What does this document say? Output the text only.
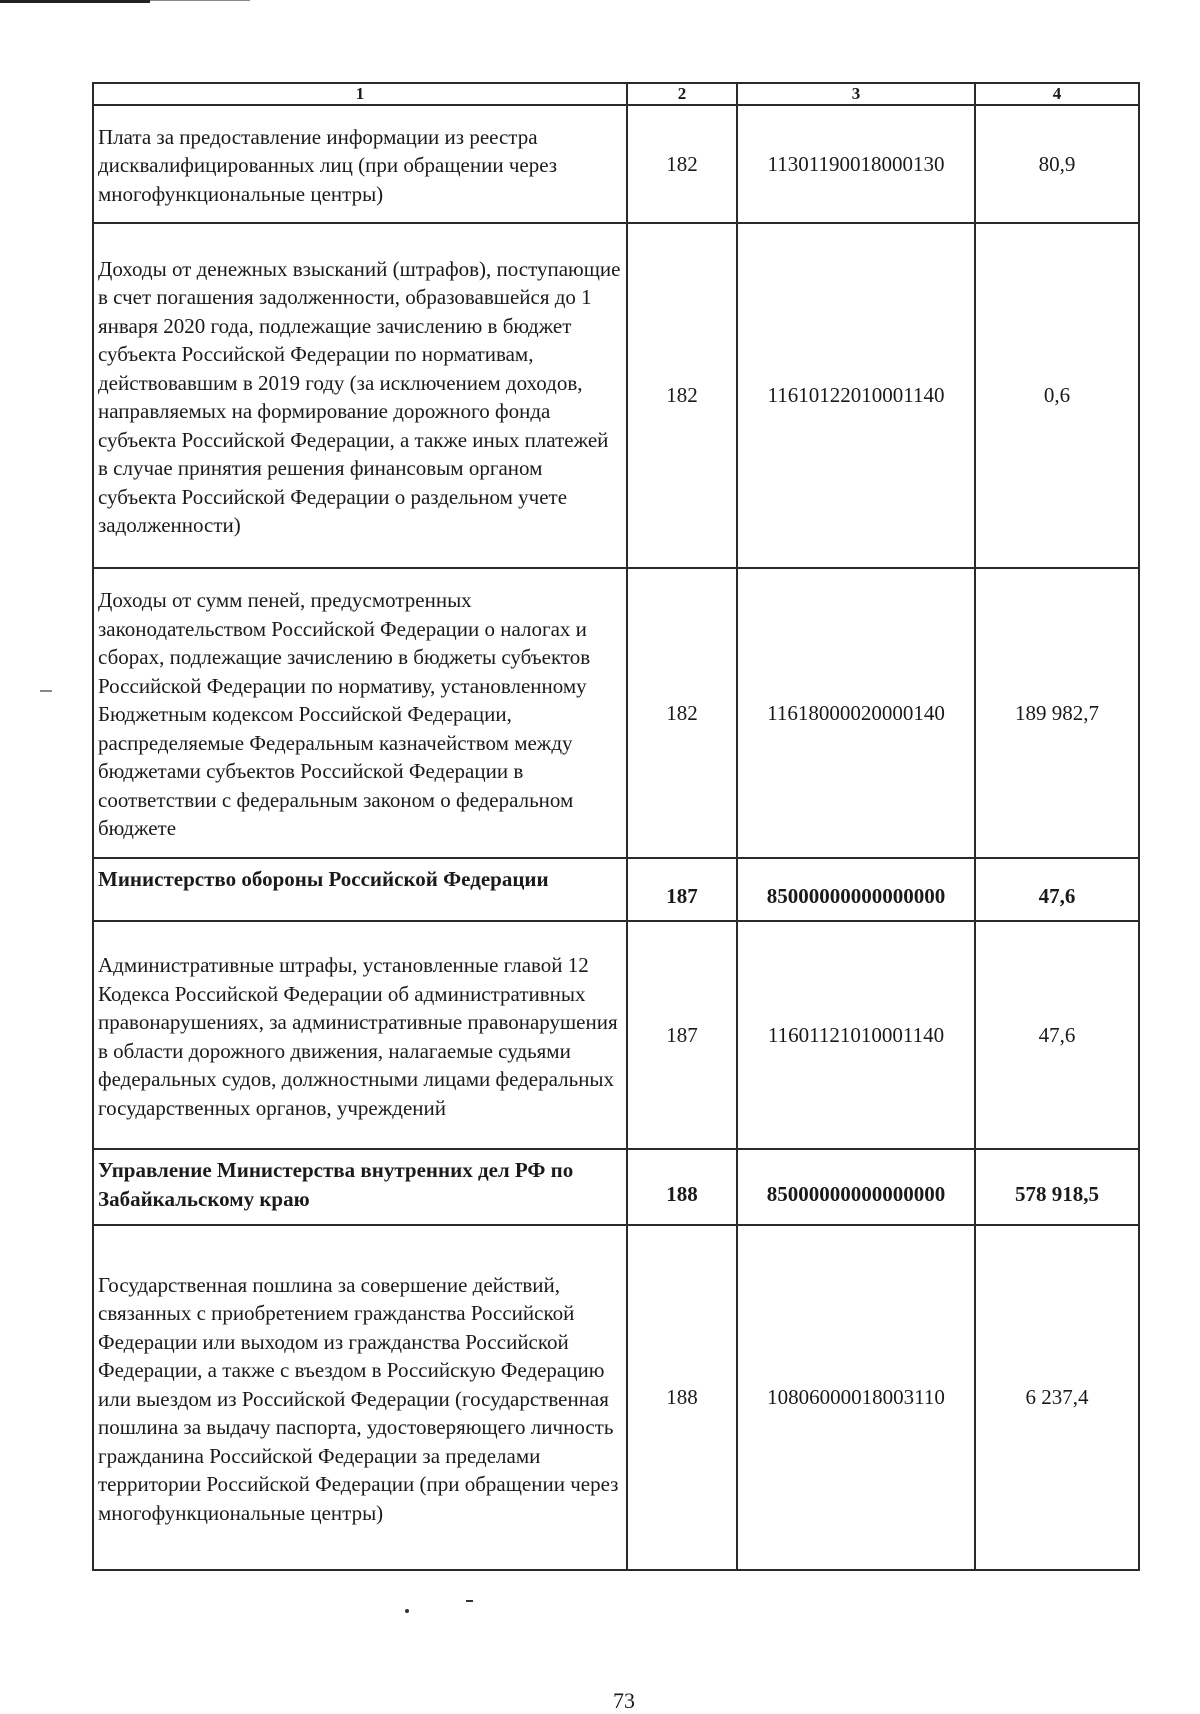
1	2	3	4
Плата за предоставление информации из реестра дисквалифицированных лиц (при обращении через многофункциональные центры)	182	11301190018000130	80,9
Доходы от денежных взысканий (штрафов), поступающие в счет погашения задолженности, образовавшейся до 1 января 2020 года, подлежащие зачислению в бюджет субъекта Российской Федерации по нормативам, действовавшим в 2019 году (за исключением доходов, направляемых на формирование дорожного фонда субъекта Российской Федерации, а также иных платежей в случае принятия решения финансовым органом субъекта Российской Федерации о раздельном учете задолженности)	182	11610122010001140	0,6
Доходы от сумм пеней, предусмотренных законодательством Российской Федерации о налогах и сборах, подлежащие зачислению в бюджеты субъектов Российской Федерации по нормативу, установленному Бюджетным кодексом Российской Федерации, распределяемые Федеральным казначейством между бюджетами субъектов Российской Федерации в соответствии с федеральным законом о федеральном бюджете	182	11618000020000140	189 982,7
Министерство обороны Российской Федерации	187	85000000000000000	47,6
Административные штрафы, установленные главой 12 Кодекса Российской Федерации об административных правонарушениях, за административные правонарушения в области дорожного движения, налагаемые судьями федеральных судов, должностными лицами федеральных государственных органов, учреждений	187	11601121010001140	47,6
Управление Министерства внутренних дел РФ по Забайкальскому краю	188	85000000000000000	578 918,5
Государственная пошлина за совершение действий, связанных с приобретением гражданства Российской Федерации или выходом из гражданства Российской Федерации, а также с въездом в Российскую Федерацию или выездом из Российской Федерации (государственная пошлина за выдачу паспорта, удостоверяющего личность гражданина Российской Федерации за пределами территории Российской Федерации (при обращении через многофункциональные центры)	188	10806000018003110	6 237,4
73
